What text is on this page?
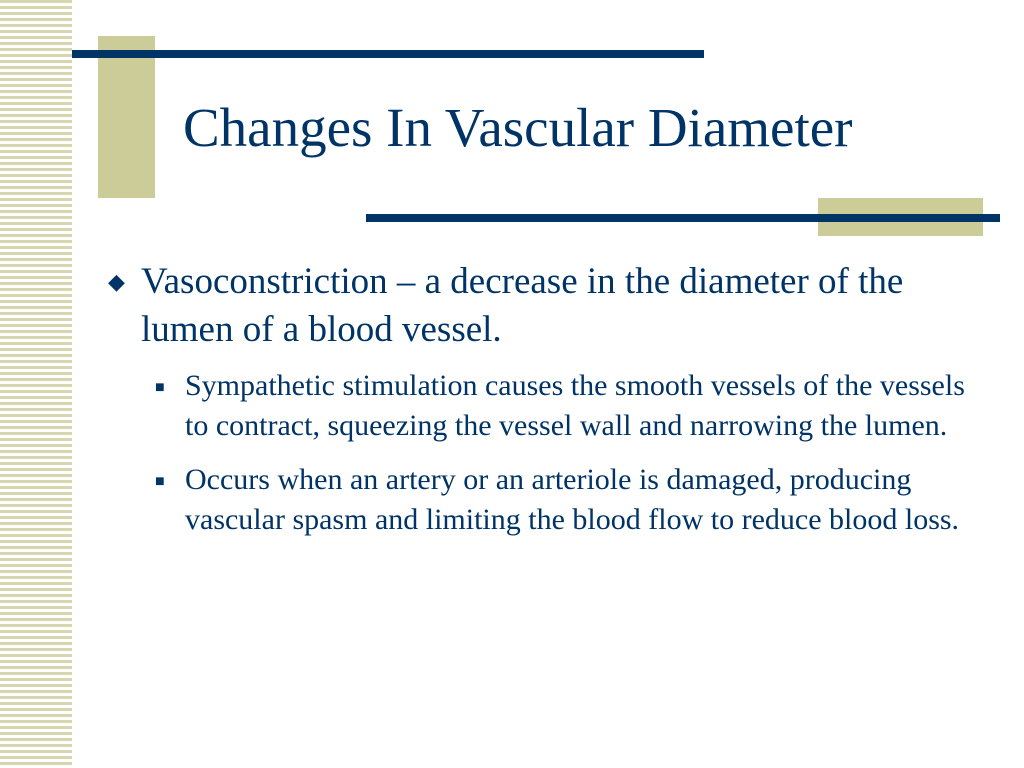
Changes In Vascular Diameter
◆ Vasoconstriction – a decrease in the diameter of the lumen of a blood vessel.
■ Sympathetic stimulation causes the smooth vessels of the vessels to contract, squeezing the vessel wall and narrowing the lumen.
■ Occurs when an artery or an arteriole is damaged, producing vascular spasm and limiting the blood flow to reduce blood loss.
